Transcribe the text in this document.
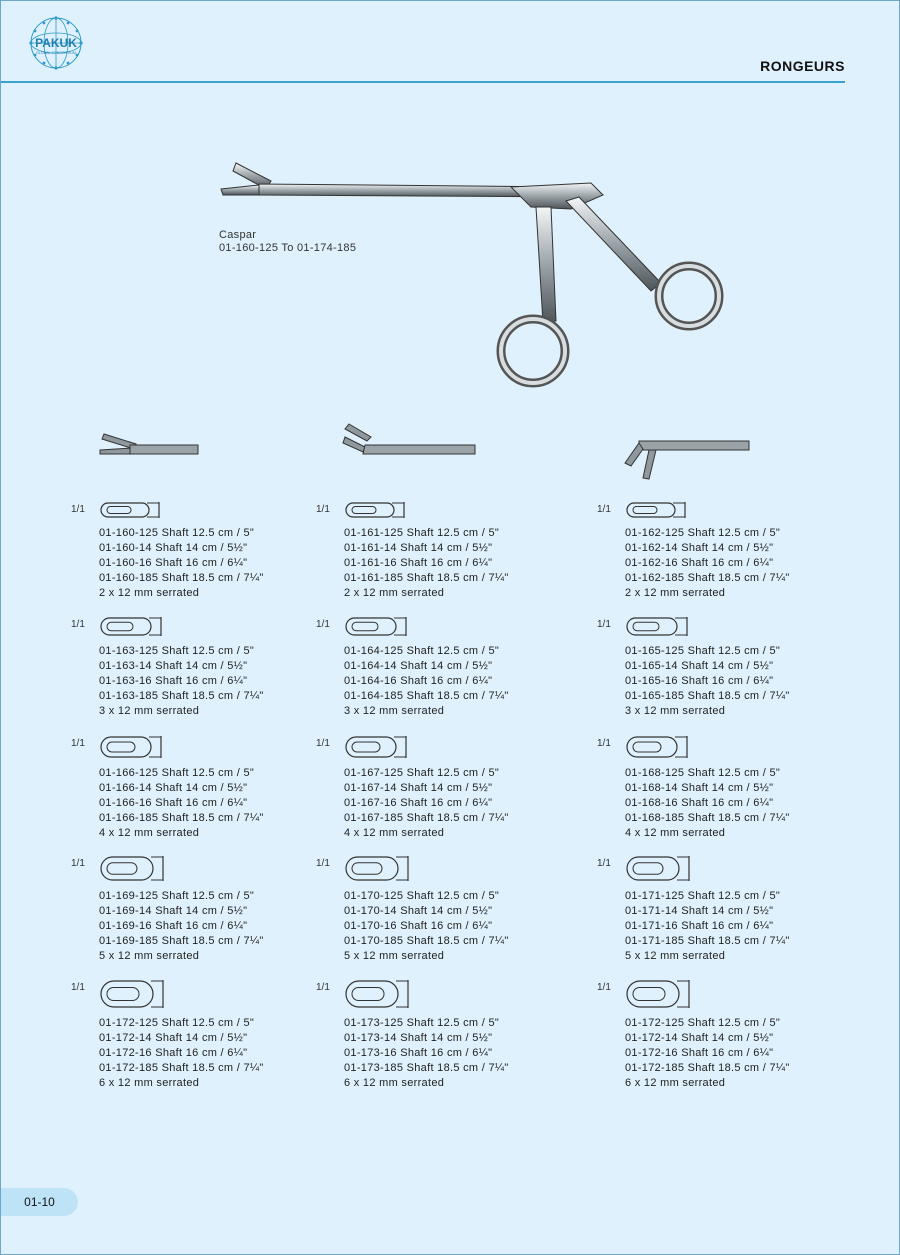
PAKUK
GLOBAL CONSORTIUM
RONGEURS
Caspar
01-160-125 To 01-174-185
1/1
01-160-125 Shaft 12.5 cm / 5"
01-160-14 Shaft 14 cm / 5½"
01-160-16 Shaft 16 cm / 6¼"
01-160-185 Shaft 18.5 cm / 7¼"
2 x 12 mm serrated
1/1
01-161-125 Shaft 12.5 cm / 5"
01-161-14 Shaft 14 cm / 5½"
01-161-16 Shaft 16 cm / 6¼"
01-161-185 Shaft 18.5 cm / 7¼"
2 x 12 mm serrated
1/1
01-162-125 Shaft 12.5 cm / 5"
01-162-14 Shaft 14 cm / 5½"
01-162-16 Shaft 16 cm / 6¼"
01-162-185 Shaft 18.5 cm / 7¼"
2 x 12 mm serrated
1/1
01-163-125 Shaft 12.5 cm / 5"
01-163-14 Shaft 14 cm / 5½"
01-163-16 Shaft 16 cm / 6¼"
01-163-185 Shaft 18.5 cm / 7¼"
3 x 12 mm serrated
1/1
01-164-125 Shaft 12.5 cm / 5"
01-164-14 Shaft 14 cm / 5½"
01-164-16 Shaft 16 cm / 6¼"
01-164-185 Shaft 18.5 cm / 7¼"
3 x 12 mm serrated
1/1
01-165-125 Shaft 12.5 cm / 5"
01-165-14 Shaft 14 cm / 5½"
01-165-16 Shaft 16 cm / 6¼"
01-165-185 Shaft 18.5 cm / 7¼"
3 x 12 mm serrated
1/1
01-166-125 Shaft 12.5 cm / 5"
01-166-14 Shaft 14 cm / 5½"
01-166-16 Shaft 16 cm / 6¼"
01-166-185 Shaft 18.5 cm / 7¼"
4 x 12 mm serrated
1/1
01-167-125 Shaft 12.5 cm / 5"
01-167-14 Shaft 14 cm / 5½"
01-167-16 Shaft 16 cm / 6¼"
01-167-185 Shaft 18.5 cm / 7¼"
4 x 12 mm serrated
1/1
01-168-125 Shaft 12.5 cm / 5"
01-168-14 Shaft 14 cm / 5½"
01-168-16 Shaft 16 cm / 6¼"
01-168-185 Shaft 18.5 cm / 7¼"
4 x 12 mm serrated
1/1
01-169-125 Shaft 12.5 cm / 5"
01-169-14 Shaft 14 cm / 5½"
01-169-16 Shaft 16 cm / 6¼"
01-169-185 Shaft 18.5 cm / 7¼"
5 x 12 mm serrated
1/1
01-170-125 Shaft 12.5 cm / 5"
01-170-14 Shaft 14 cm / 5½"
01-170-16 Shaft 16 cm / 6¼"
01-170-185 Shaft 18.5 cm / 7¼"
5 x 12 mm serrated
1/1
01-171-125 Shaft 12.5 cm / 5"
01-171-14 Shaft 14 cm / 5½"
01-171-16 Shaft 16 cm / 6¼"
01-171-185 Shaft 18.5 cm / 7¼"
5 x 12 mm serrated
1/1
01-172-125 Shaft 12.5 cm / 5"
01-172-14 Shaft 14 cm / 5½"
01-172-16 Shaft 16 cm / 6¼"
01-172-185 Shaft 18.5 cm / 7¼"
6 x 12 mm serrated
1/1
01-173-125 Shaft 12.5 cm / 5"
01-173-14 Shaft 14 cm / 5½"
01-173-16 Shaft 16 cm / 6¼"
01-173-185 Shaft 18.5 cm / 7¼"
6 x 12 mm serrated
1/1
01-172-125 Shaft 12.5 cm / 5"
01-172-14 Shaft 14 cm / 5½"
01-172-16 Shaft 16 cm / 6¼"
01-172-185 Shaft 18.5 cm / 7¼"
6 x 12 mm serrated
01-10
